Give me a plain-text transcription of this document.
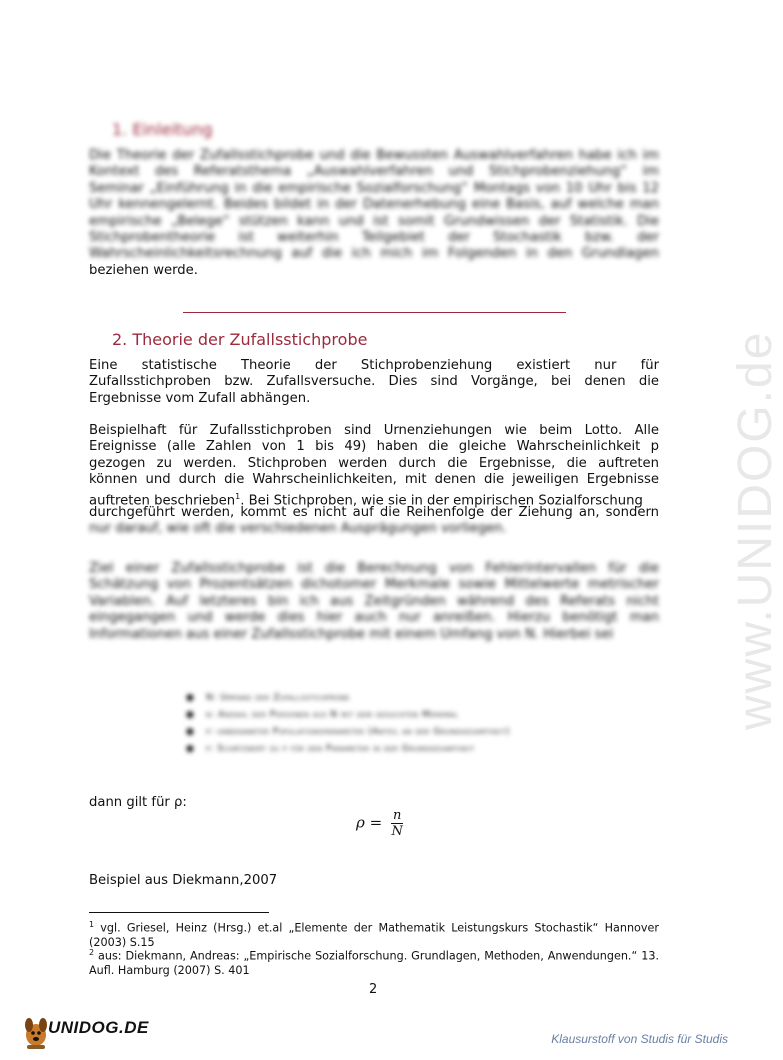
www.UNIDOG.de
1. Einleitung
Die Theorie der Zufallsstichprobe und die Bewussten Auswahlverfahren habe ich im
Kontext des Referatsthema „Auswahlverfahren und Stichprobenziehung“ im
Seminar „Einführung in die empirische Sozialforschung“ Montags von 10 Uhr bis 12
Uhr kennengelernt. Beides bildet in der Datenerhebung eine Basis, auf welche man
empirische „Belege“ stützen kann und ist somit Grundwissen der Statistik. Die
Stichprobentheorie ist weiterhin Teilgebiet der Stochastik bzw. der
Wahrscheinlichkeitsrechnung auf die ich mich im Folgenden in den Grundlagen
beziehen werde.
2. Theorie der Zufallsstichprobe
Eine statistische Theorie der Stichprobenziehung existiert nur für
Zufallsstichproben bzw. Zufallsversuche. Dies sind Vorgänge, bei denen die
Ergebnisse vom Zufall abhängen.
Beispielhaft für Zufallsstichproben sind Urnenziehungen wie beim Lotto. Alle
Ereignisse (alle Zahlen von 1 bis 49) haben die gleiche Wahrscheinlichkeit p
gezogen zu werden. Stichproben werden durch die Ergebnisse, die auftreten
können und durch die Wahrscheinlichkeiten, mit denen die jeweiligen Ergebnisse
auftreten beschrieben$^1$. Bei Stichproben, wie sie in der empirischen Sozialforschung
durchgeführt werden, kommt es nicht auf die Reihenfolge der Ziehung an, sondern
nur darauf, wie oft die verschiedenen Ausprägungen vorliegen.
Ziel einer Zufallsstichprobe ist die Berechnung von Fehlerintervallen für die
Schätzung von Prozentsätzen dichotomer Merkmale sowie Mittelwerte metrischer
Variablen. Auf letzteres bin ich aus Zeitgründen während des Referats nicht
eingegangen und werde dies hier auch nur anreißen. Hierzu benötigt man
Informationen aus einer Zufallsstichprobe mit einem Umfang von N. Hierbei sei
● N: Umfang der Zufallsstichprobe
● n: Anzahl der Personen aus N mit dem gesuchten Merkmal
● p: unbekannter Populationsparameter (Anteil an der Grundgesamtheit)
● ρ: Schätzwert zu p für den Parameter in der Grundgesamtheit
dann gilt für ρ:
$\rho = \frac{n}{N}$
Beispiel aus Diekmann,2007
$^1$ vgl. Griesel, Heinz (Hrsg.) et.al „Elemente der Mathematik Leistungskurs Stochastik“ Hannover (2003) S.15
$^2$ aus: Diekmann, Andreas: „Empirische Sozialforschung. Grundlagen, Methoden, Anwendungen.“ 13. Aufl. Hamburg (2007) S. 401
2
UNIDOG.DE
Klausurstoff von Studis für Studis
